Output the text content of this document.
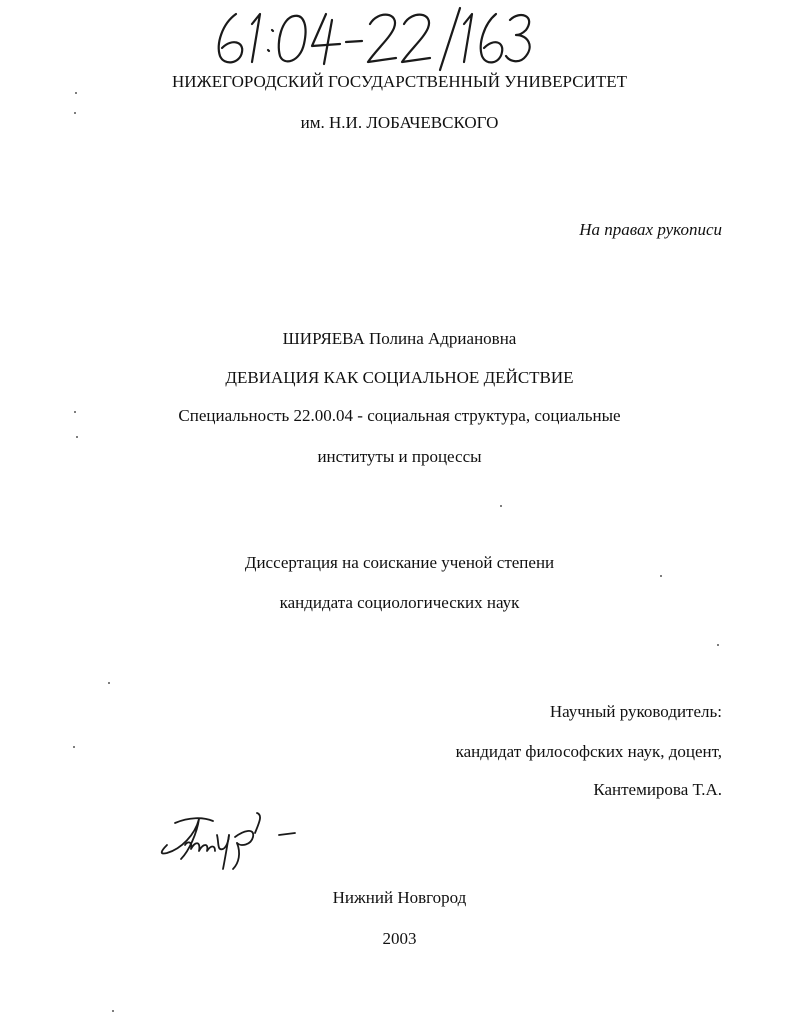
НИЖЕГОРОДСКИЙ ГОСУДАРСТВЕННЫЙ УНИВЕРСИТЕТ
им. Н.И. ЛОБАЧЕВСКОГО
На правах рукописи
ШИРЯЕВА Полина Адриановна
ДЕВИАЦИЯ КАК СОЦИАЛЬНОЕ ДЕЙСТВИЕ
Специальность 22.00.04 - социальная структура, социальные
институты и процессы
Диссертация на соискание ученой степени
кандидата социологических наук
Научный руководитель:
кандидат философских наук, доцент,
Кантемирова Т.А.
Нижний Новгород
2003
